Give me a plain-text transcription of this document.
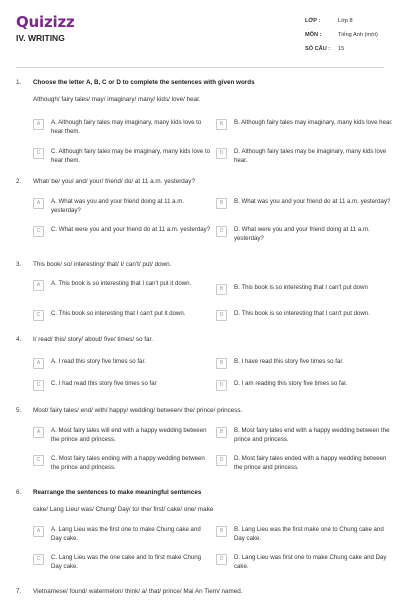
Quizizz
IV. WRITING
LỚP :	Lớp 8
MÔN :	Tiếng Anh (mới)
SỐ CÂU :	15
1. Choose the letter A, B, C or D to complete the sentences with given words
Although/ fairy tales/ may/ imaginary/ many/ kids/ love/ hear.
A	A. Although fairy tales may imaginary, many kids love to hear them.
B	B. Although fairy tales may imaginary, many kids love hear.
C	C. Although fairy tales may be imaginary, many kids love to hear them.
D	D. Although fairy tales may be imaginary, many kids love hear.
2. What/ be/ you/ and/ your/ friend/ do/ at 11 a.m. yesterday?
A	A. What was you and your friend doing at 11 a.m. yesterday?
B	B. What was you and your friend do at 11 a.m. yesterday?
C	C. What were you and your friend do at 11 a.m. yesterday?	D	D. What were you and your friend doing at 11 a.m. yesterday?
3. This book/ so/ interesting/ that/ I/ can't/ put/ down.
A	A. This book is so interesting that I can't put it down.
B	B. This book is so interesting that I can't put down
C	C. This book so interesting that I can't put it down.	D	D. This book is so interesting that I can't put down.
4. I/ read/ this/ story/ about/ five/ times/ so far.
A	A. I read this story five times so far.	B	B. I have read this story five times so far.
C	C. I had read this story five times so far	D	D. I am reading this story five times so far.
5. Most/ fairy tales/ end/ with/ happy/ wedding/ between/ the/ prince/ princess.
A	A. Most fairy tales will end with a happy wedding between the prince and princess.
B	B. Most fairy tales end with a happy wedding between the prince and princess.
C	C. Most fairy tales ending with a happy wedding between the prince and princess.
D	D. Most fairy tales ended with a happy wedding between the prince and princess.
6. Rearrange the sentences to make meaningful sentences
cake/ Lang Lieu/ was/ Chung/ Day/ to/ the/ first/ cake/ one/ make
A	A. Lang Lieu was the first one to make Chung cake and Day cake.
B	B. Lang Lieu was the first make one to Chung cake and Day cake.
C	C. Lang Lieu was the one cake and to first make Chung Day cake.
D	D. Lang Lieu was first one to make Chung cake and Day cake.
7. Vietnamese/ found/ watermelon/ think/ a/ that/ prince/ Mai An Tiem/ named.
